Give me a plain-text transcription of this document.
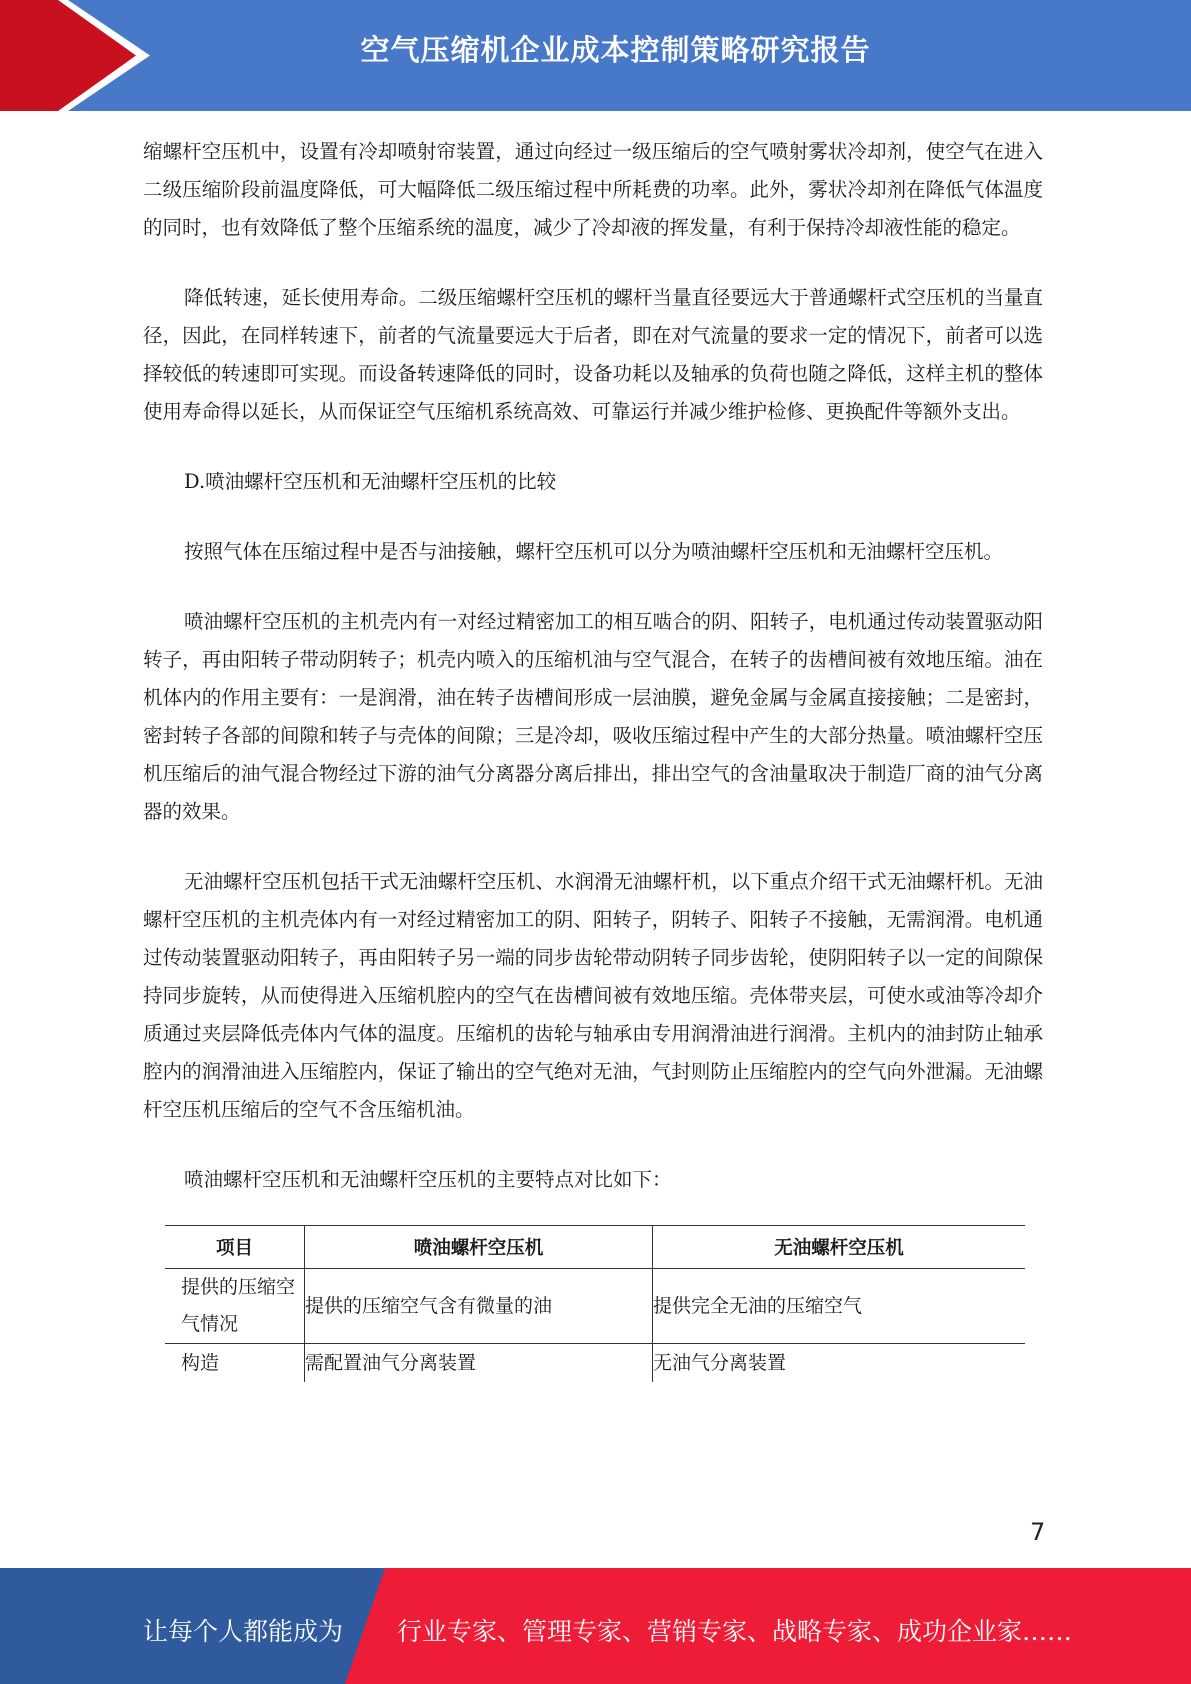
空气压缩机企业成本控制策略研究报告

缩螺杆空压机中，设置有冷却喷射帘装置，通过向经过一级压缩后的空气喷射雾状冷却剂，使空气在进入二级压缩阶段前温度降低，可大幅降低二级压缩过程中所耗费的功率。此外，雾状冷却剂在降低气体温度的同时，也有效降低了整个压缩系统的温度，减少了冷却液的挥发量，有利于保持冷却液性能的稳定。

降低转速，延长使用寿命。二级压缩螺杆空压机的螺杆当量直径要远大于普通螺杆式空压机的当量直径，因此，在同样转速下，前者的气流量要远大于后者，即在对气流量的要求一定的情况下，前者可以选择较低的转速即可实现。而设备转速降低的同时，设备功耗以及轴承的负荷也随之降低，这样主机的整体使用寿命得以延长，从而保证空气压缩机系统高效、可靠运行并减少维护检修、更换配件等额外支出。

D.喷油螺杆空压机和无油螺杆空压机的比较

按照气体在压缩过程中是否与油接触，螺杆空压机可以分为喷油螺杆空压机和无油螺杆空压机。

喷油螺杆空压机的主机壳内有一对经过精密加工的相互啮合的阴、阳转子，电机通过传动装置驱动阳转子，再由阳转子带动阴转子；机壳内喷入的压缩机油与空气混合，在转子的齿槽间被有效地压缩。油在机体内的作用主要有：一是润滑，油在转子齿槽间形成一层油膜，避免金属与金属直接接触；二是密封，密封转子各部的间隙和转子与壳体的间隙；三是冷却，吸收压缩过程中产生的大部分热量。喷油螺杆空压机压缩后的油气混合物经过下游的油气分离器分离后排出，排出空气的含油量取决于制造厂商的油气分离器的效果。

无油螺杆空压机包括干式无油螺杆空压机、水润滑无油螺杆机，以下重点介绍干式无油螺杆机。无油螺杆空压机的主机壳体内有一对经过精密加工的阴、阳转子，阴转子、阳转子不接触，无需润滑。电机通过传动装置驱动阳转子，再由阳转子另一端的同步齿轮带动阴转子同步齿轮，使阴阳转子以一定的间隙保持同步旋转，从而使得进入压缩机腔内的空气在齿槽间被有效地压缩。壳体带夹层，可使水或油等冷却介质通过夹层降低壳体内气体的温度。压缩机的齿轮与轴承由专用润滑油进行润滑。主机内的油封防止轴承腔内的润滑油进入压缩腔内，保证了输出的空气绝对无油，气封则防止压缩腔内的空气向外泄漏。无油螺杆空压机压缩后的空气不含压缩机油。

喷油螺杆空压机和无油螺杆空压机的主要特点对比如下：

项目	喷油螺杆空压机	无油螺杆空压机
提供的压缩空气情况	提供的压缩空气含有微量的油	提供完全无油的压缩空气
构造	需配置油气分离装置	无油气分离装置
7
让每个人都能成为 行业专家、管理专家、营销专家、战略专家、成功企业家……
